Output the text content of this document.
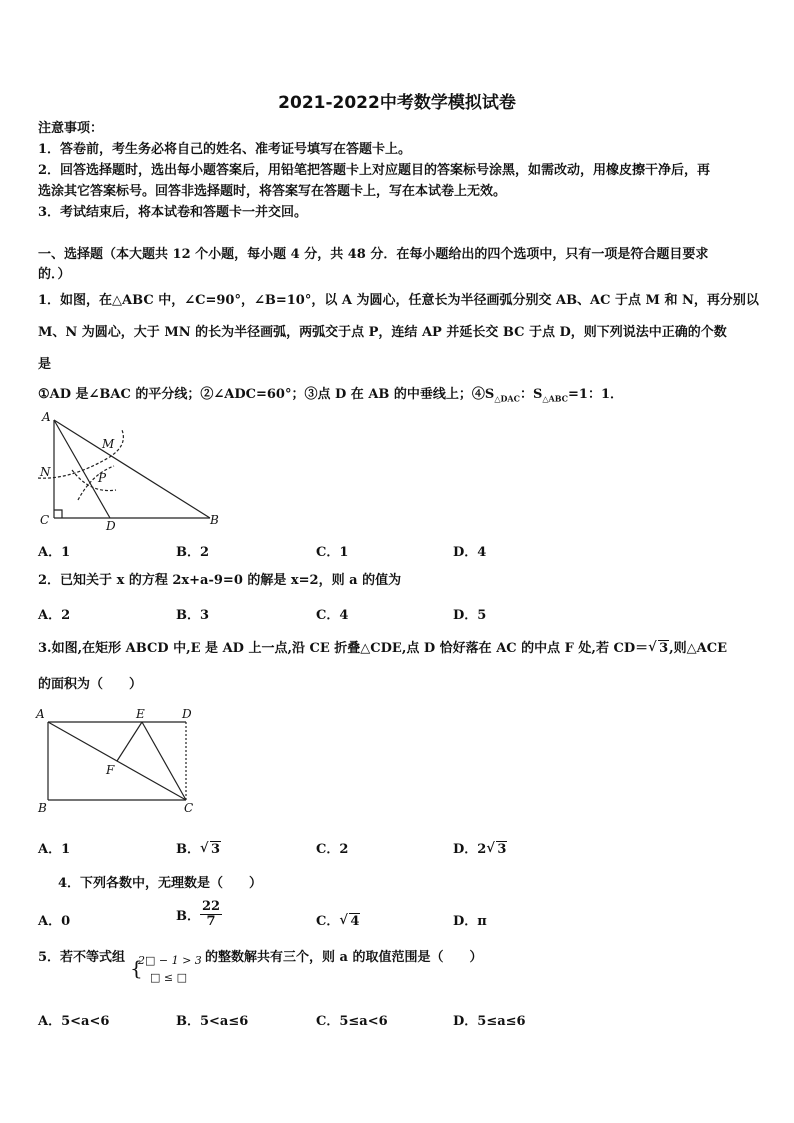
2021-2022中考数学模拟试卷
注意事项：
1．答卷前，考生务必将自己的姓名、准考证号填写在答题卡上。
2．回答选择题时，选出每小题答案后，用铅笔把答题卡上对应题目的答案标号涂黑，如需改动，用橡皮擦干净后，再
选涂其它答案标号。回答非选择题时，将答案写在答题卡上，写在本试卷上无效。
3．考试结束后，将本试卷和答题卡一并交回。
一、选择题（本大题共 12 个小题，每小题 4 分，共 48 分．在每小题给出的四个选项中，只有一项是符合题目要求
的．）
1．如图，在△ABC 中，∠C=90°，∠B=10°，以 A 为圆心，任意长为半径画弧分别交 AB、AC 于点 M 和 N，再分别以
M、N 为圆心，大于 MN 的长为半径画弧，两弧交于点 P，连结 AP 并延长交 BC 于点 D，则下列说法中正确的个数
是
①AD 是∠BAC 的平分线；②∠ADC=60°；③点 D 在 AB 的中垂线上；$④S_{\triangle DAC}$：$S_{\triangle ABC}=1$：1．
A
M
N	P
C	D	B
A．1	B．2	C．1	D．4
2．已知关于 x 的方程 2x+a-9=0 的解是 x=2，则 a 的值为
A．2	B．3	C．4	D．5
3.如图,在矩形 ABCD 中,E 是 AD 上一点,沿 CE 折叠△CDE,点 D 恰好落在 AC 的中点 F 处,若 CD＝ √ 3,则△ACE
的面积为（　　）
A	E	D
F
B	C
A．1	B． √ 3	C．2	D．2 √ 3
4．下列各数中，无理数是（　　）
A．0	B． $\frac{22}{7}$	C． √ 4	D．π
5．若不等式组 {
2□ − 1 > 3
□ ≤ □
的整数解共有三个，则 a 的取值范围是（　　）
A．5<a<6	B．5<a≤6	C．5≤a<6	D．5≤a≤6
